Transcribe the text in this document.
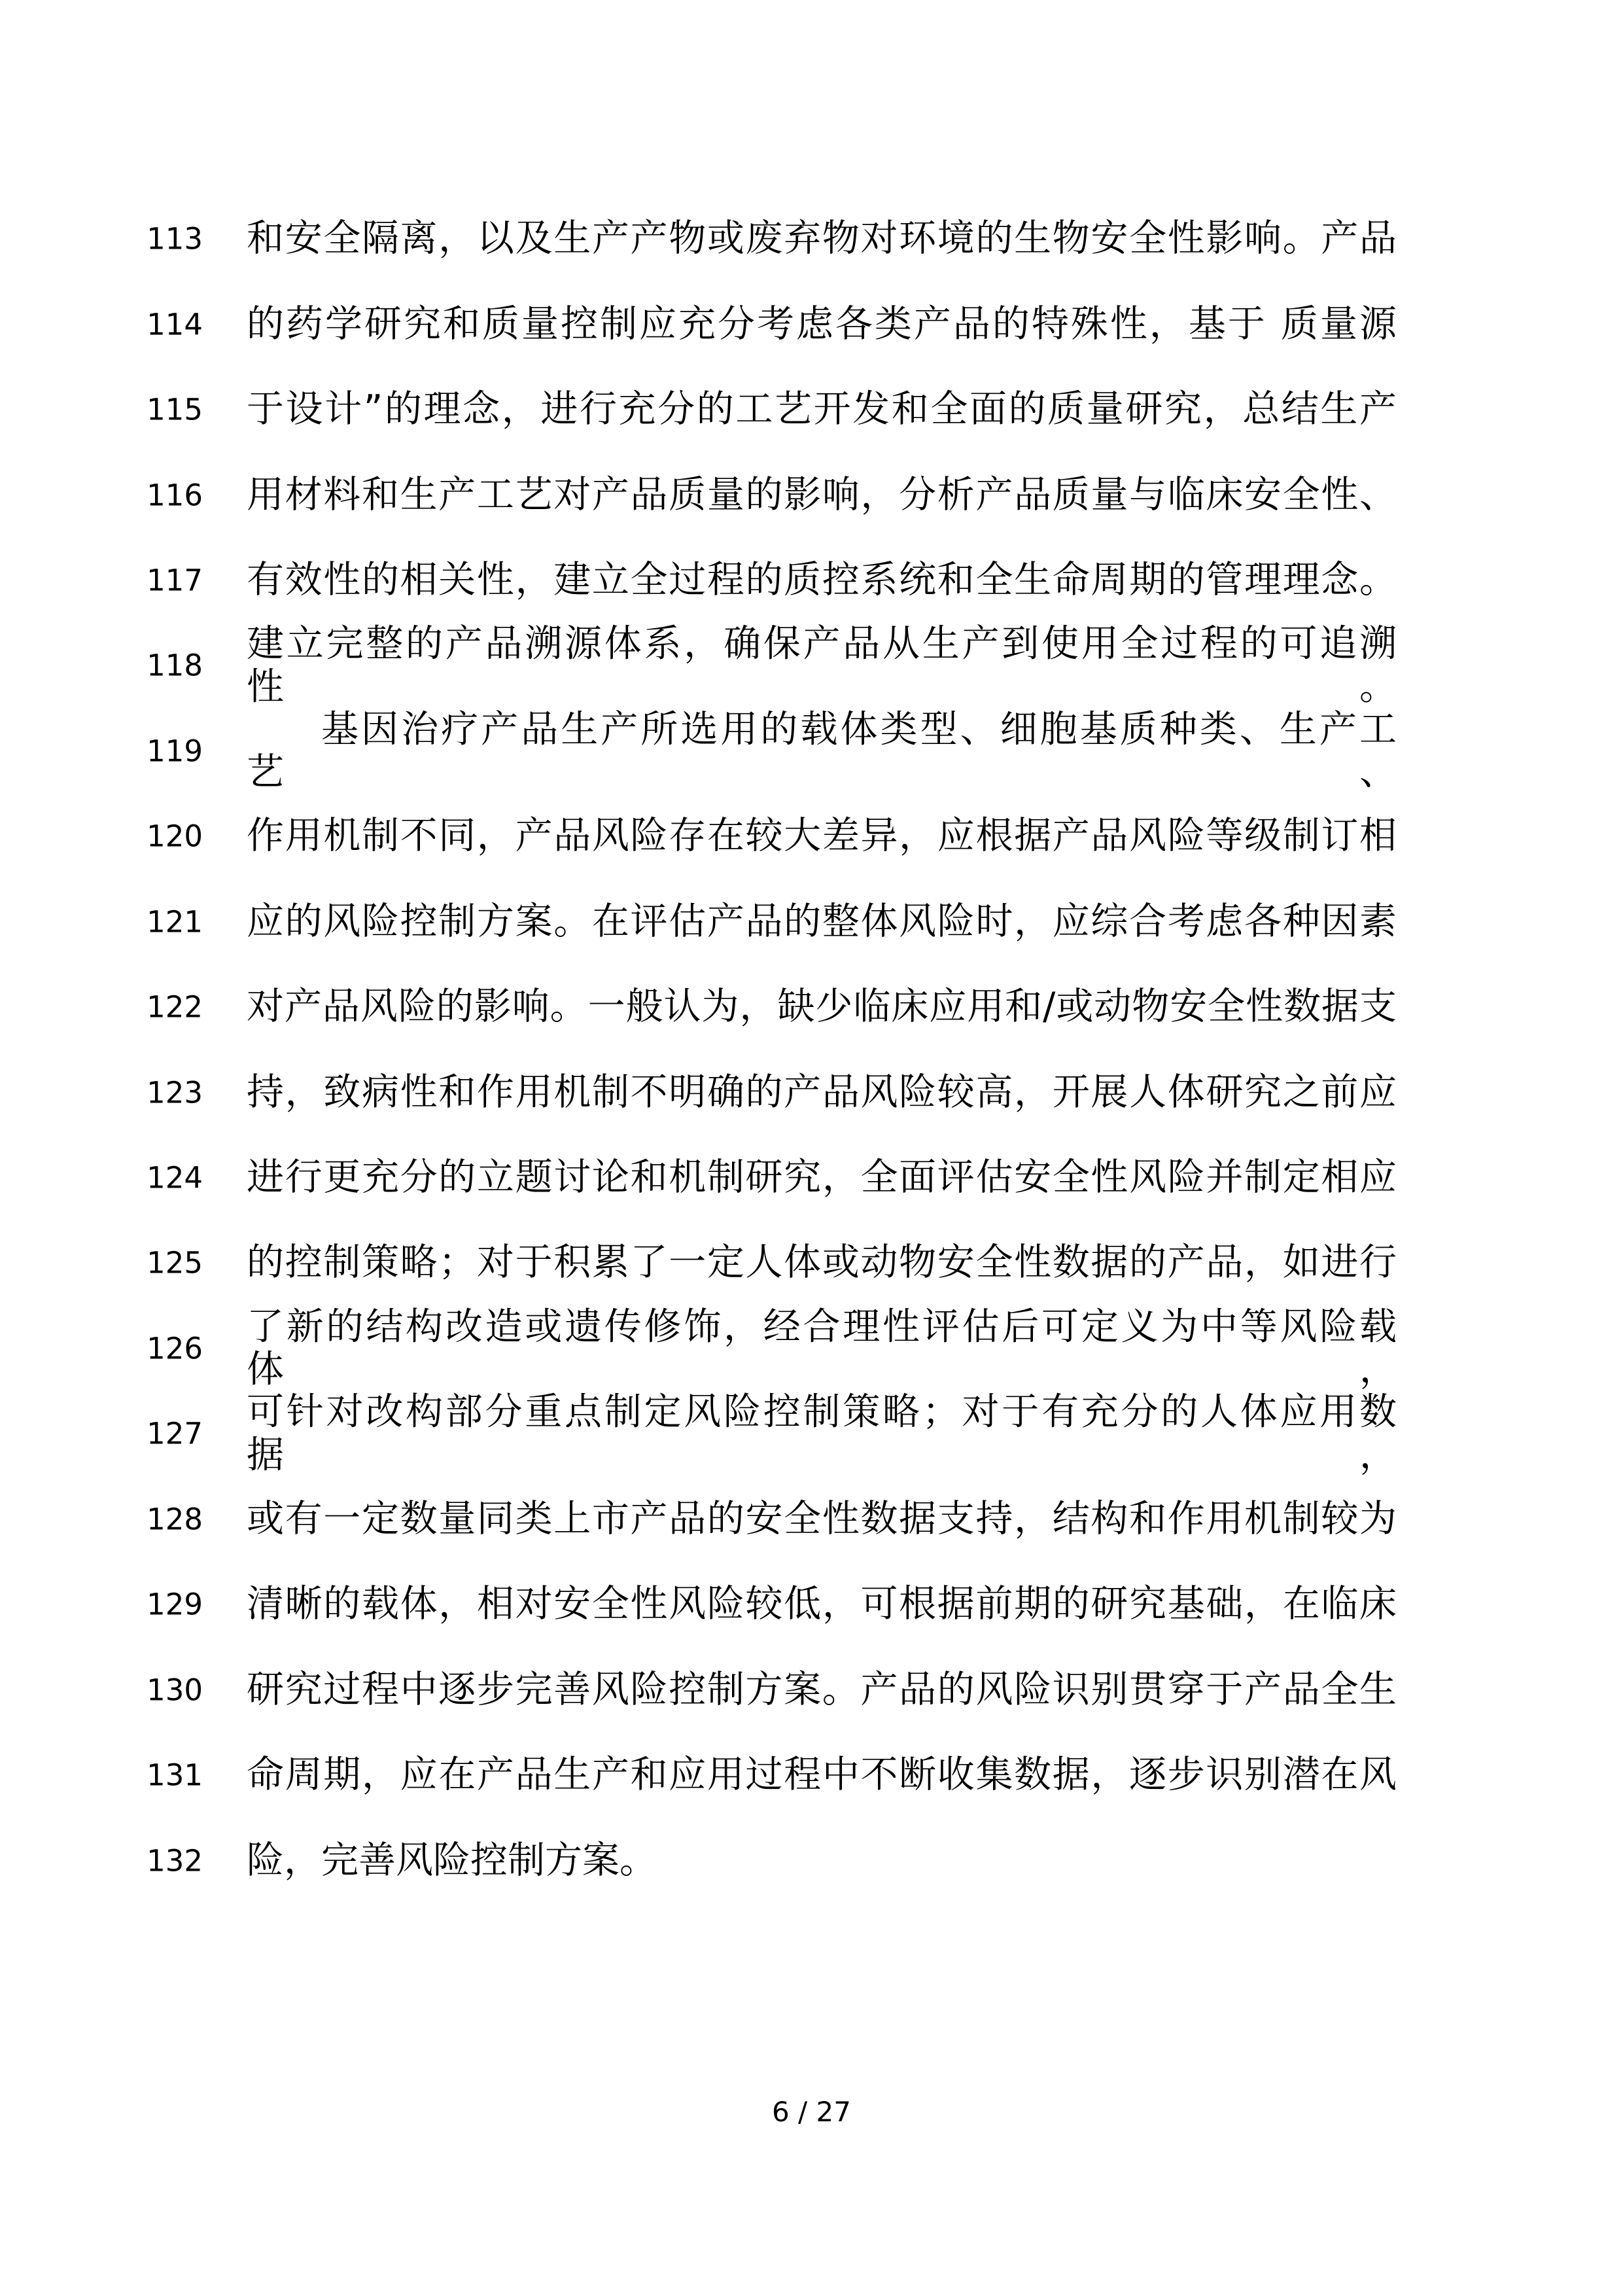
113 和安全隔离，以及生产产物或废弃物对环境的生物安全性影响。产品
114 的药学研究和质量控制应充分考虑各类产品的特殊性，基于 质量源
115 于设计”的理念，进行充分的工艺开发和全面的质量研究，总结生产
116 用材料和生产工艺对产品质量的影响，分析产品质量与临床安全性、
117 有效性的相关性，建立全过程的质控系统和全生命周期的管理理念。
118
建立完整的产品溯源体系，确保产品从生产到使用全过程的可追溯性。
119
基因治疗产品生产所选用的载体类型、细胞基质种类、生产工艺、
120 作用机制不同，产品风险存在较大差异，应根据产品风险等级制订相
121 应的风险控制方案。在评估产品的整体风险时，应综合考虑各种因素
122 对产品风险的影响。一般认为，缺少临床应用和/或动物安全性数据支
123 持，致病性和作用机制不明确的产品风险较高，开展人体研究之前应
124 进行更充分的立题讨论和机制研究，全面评估安全性风险并制定相应
125 的控制策略；对于积累了一定人体或动物安全性数据的产品，如进行
126
了新的结构改造或遗传修饰，经合理性评估后可定义为中等风险载体，
127
可针对改构部分重点制定风险控制策略；对于有充分的人体应用数据，
128 或有一定数量同类上市产品的安全性数据支持，结构和作用机制较为
129 清晰的载体，相对安全性风险较低，可根据前期的研究基础，在临床
130 研究过程中逐步完善风险控制方案。产品的风险识别贯穿于产品全生
131 命周期，应在产品生产和应用过程中不断收集数据，逐步识别潜在风
132 险，完善风险控制方案。
6 / 27
